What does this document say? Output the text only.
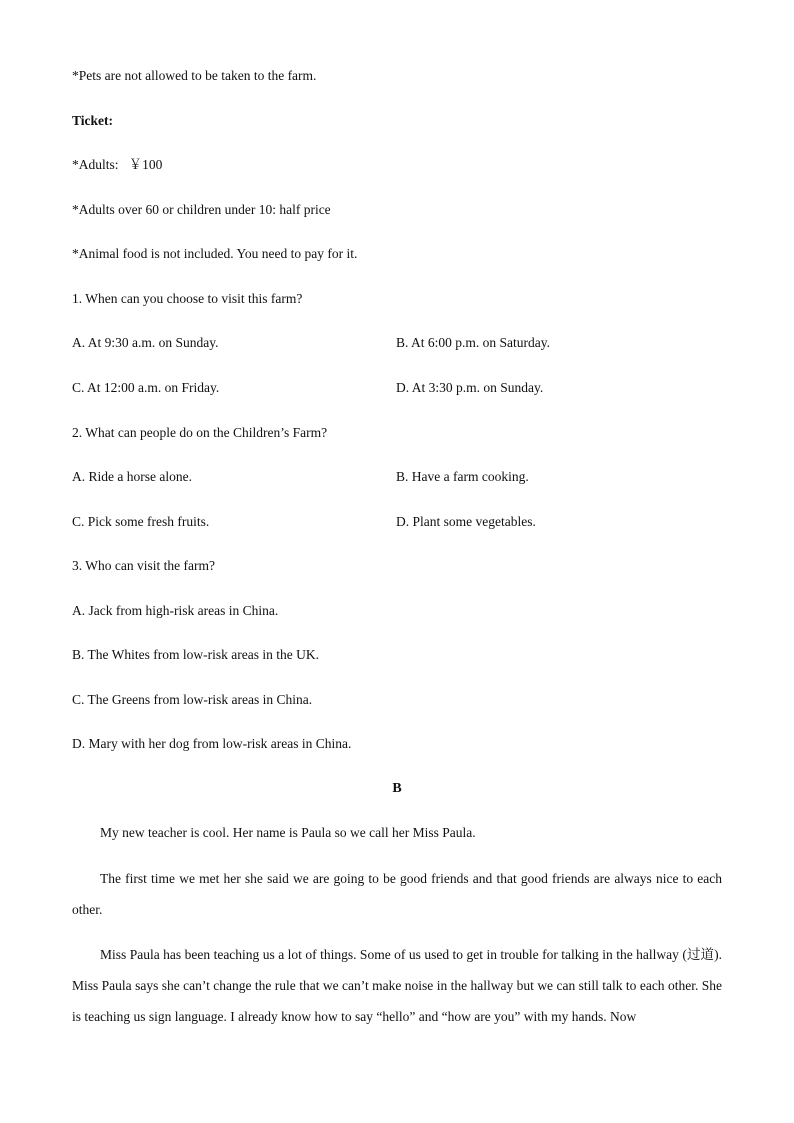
*Pets are not allowed to be taken to the farm.
Ticket:
*Adults:   ￥100
*Adults over 60 or children under 10: half price
*Animal food is not included. You need to pay for it.
1. When can you choose to visit this farm?
A. At 9:30 a.m. on Sunday.	B. At 6:00 p.m. on Saturday.
C. At 12:00 a.m. on Friday.	D. At 3:30 p.m. on Sunday.
2. What can people do on the Children’s Farm?
A. Ride a horse alone.	B. Have a farm cooking.
C. Pick some fresh fruits.	D. Plant some vegetables.
3. Who can visit the farm?
A. Jack from high-risk areas in China.
B. The Whites from low-risk areas in the UK.
C. The Greens from low-risk areas in China.
D. Mary with her dog from low-risk areas in China.
B
My new teacher is cool. Her name is Paula so we call her Miss Paula.
The first time we met her she said we are going to be good friends and that good friends are always nice to each other.
Miss Paula has been teaching us a lot of things. Some of us used to get in trouble for talking in the hallway (过道). Miss Paula says she can’t change the rule that we can’t make noise in the hallway but we can still talk to each other. She is teaching us sign language. I already know how to say “hello” and “how are you” with my hands. Now
